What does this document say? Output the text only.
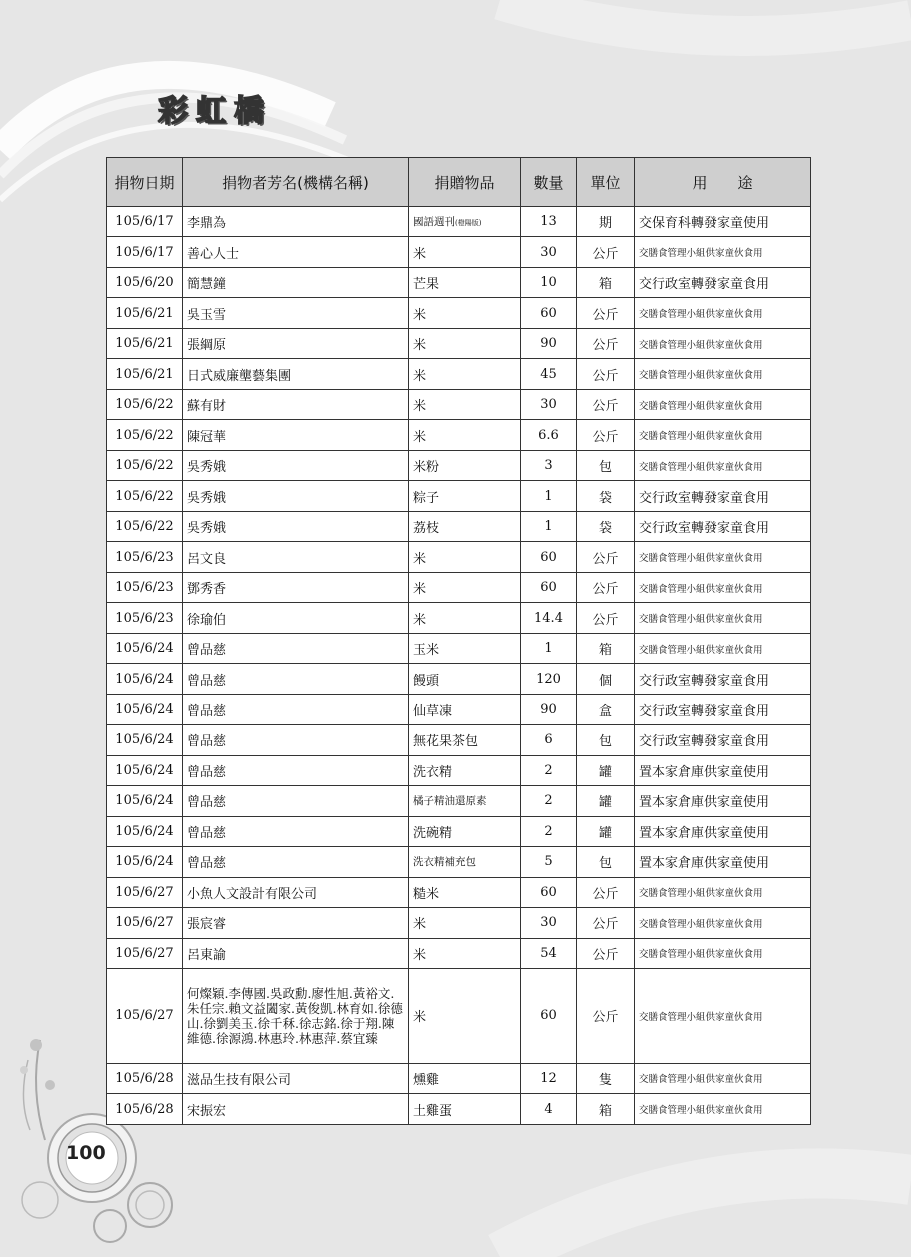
彩虹橋
捐物日期	捐物者芳名(機構名稱)	捐贈物品	數量	單位	用　　途
105/6/17	李鼎為	國語週刊(橙陽版)	13	期	交保育科轉發家童使用
105/6/17	善心人士	米	30	公斤	交膳食管理小組供家童伙食用
105/6/20	簡慧鐘	芒果	10	箱	交行政室轉發家童食用
105/6/21	吳玉雪	米	60	公斤	交膳食管理小組供家童伙食用
105/6/21	張綱原	米	90	公斤	交膳食管理小組供家童伙食用
105/6/21	日式威廉壟藝集團	米	45	公斤	交膳食管理小組供家童伙食用
105/6/22	蘇有財	米	30	公斤	交膳食管理小組供家童伙食用
105/6/22	陳冠華	米	6.6	公斤	交膳食管理小組供家童伙食用
105/6/22	吳秀娥	米粉	3	包	交膳食管理小組供家童伙食用
105/6/22	吳秀娥	粽子	1	袋	交行政室轉發家童食用
105/6/22	吳秀娥	荔枝	1	袋	交行政室轉發家童食用
105/6/23	呂文良	米	60	公斤	交膳食管理小組供家童伙食用
105/6/23	鄧秀香	米	60	公斤	交膳食管理小組供家童伙食用
105/6/23	徐瑜伯	米	14.4	公斤	交膳食管理小組供家童伙食用
105/6/24	曾品慈	玉米	1	箱	交膳食管理小組供家童伙食用
105/6/24	曾品慈	饅頭	120	個	交行政室轉發家童食用
105/6/24	曾品慈	仙草凍	90	盒	交行政室轉發家童食用
105/6/24	曾品慈	無花果茶包	6	包	交行政室轉發家童食用
105/6/24	曾品慈	洗衣精	2	罐	置本家倉庫供家童使用
105/6/24	曾品慈	橘子精油還原素	2	罐	置本家倉庫供家童使用
105/6/24	曾品慈	洗碗精	2	罐	置本家倉庫供家童使用
105/6/24	曾品慈	洗衣精補充包	5	包	置本家倉庫供家童使用
105/6/27	小魚人文設計有限公司	糙米	60	公斤	交膳食管理小組供家童伙食用
105/6/27	張宸睿	米	30	公斤	交膳食管理小組供家童伙食用
105/6/27	呂東諭	米	54	公斤	交膳食管理小組供家童伙食用
105/6/27	何燦穎.李傳國.吳政勳.廖性旭.黃裕文.朱任宗.賴文益闔家.黃俊凱.林育如.徐德山.徐劉美玉.徐千秝.徐志銘.徐于翔.陳維德.徐源鴻.林惠玲.林惠萍.蔡宜臻	米	60	公斤	交膳食管理小組供家童伙食用
105/6/28	滋品生技有限公司	燻雞	12	隻	交膳食管理小組供家童伙食用
105/6/28	宋振宏	土雞蛋	4	箱	交膳食管理小組供家童伙食用
100
